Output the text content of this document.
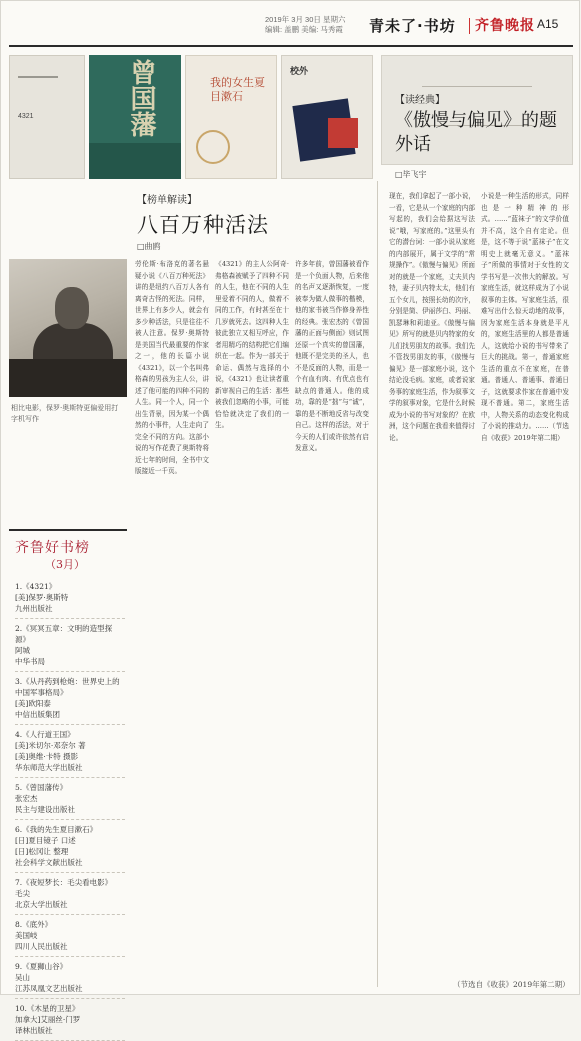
2019年 3月 30日 星期六
编辑: 盖鹏 美编: 马秀霞 青未了·书坊 齐鲁晚报 A15
4321	曾国藩	我的女生夏目漱石
校外
【读经典】
《傲慢与偏见》的题外话
□毕飞宇
【榜单解读】
八百万种活法
□曲鸥
相比电影，保罗·奥斯特更偏爱用打字机写作
齐鲁好书榜
（3月）
1.《4321》
[美]保罗·奥斯特
九州出版社
2.《冥冥五章：文明的造型探源》
阿城
中华书局
3.《从丹药到枪炮：世界史上的中国军事格局》
[美]欧阳泰
中信出版集团
4.《人行道王国》
[美]米切尔·邓奈尔 著
[美]奥维·卡特 摄影
华东师范大学出版社
5.《曾国藩传》
张宏杰
民主与建设出版社
6.《我的先生夏目漱石》
[日]夏目镜子 口述
[日]松冈让 整理
社会科学文献出版社
7.《夜短梦长：毛尖看电影》
毛尖
北京大学出版社
8.《底外》
美国岐
四川人民出版社
9.《夏狮山谷》
吴山
江苏凤凰文艺出版社
10.《木星的卫星》
加拿大]艾丽丝·门罗
译林出版社
劳伦斯·布洛克的著名悬疑小说《八百万种死法》讲的是纽约八百万人各有离奇古怪的死法。同样，世界上有多少人，就会有多少种活法，只是往往不被人注意。保罗·奥斯特是美国当代最重要的作家之一，他的长篇小说《4321》，以一个名叫弗格森的男孩为主人公，讲述了他可能的四种不同的人生。同一个人，同一个出生背景，因为某一个偶然的小事件，人生走向了完全不同的方向。这部小说的写作花费了奥斯特将近七年的时间，全书中文版接近一千页。
《4321》的主人公阿奇·弗格森被赋予了四种不同的人生，他在不同的人生里爱着不同的人，做着不同的工作，有时甚至在十几岁就死去。这四种人生彼此独立又相互呼应，作者用精巧的结构把它们编织在一起。作为一部关于命运、偶然与选择的小说，《4321》也让读者重新审视自己的生活：那些被我们忽略的小事，可能恰恰就决定了我们的一生。
许多年前，曾国藩被看作是一个负面人物，后来他的名声又逐渐恢复，一度被奉为做人做事的楷模，他的家书被当作修身养性的经典。张宏杰的《曾国藩的正面与侧面》则试图还原一个真实的曾国藩，他既不是完美的圣人，也不是反面的人物，而是一个有血有肉、有优点也有缺点的普通人。他的成功，靠的是“拙”与“诚”，靠的是不断地反省与改变自己。这样的活法，对于今天的人们或许依然有启发意义。
现在，我们拿起了一部小说，一看，它是从一个家庭的内部写起的，我们会给据这写法说“哦，写家庭的。”这里头有它的潜台词：一部小说从家庭的内部展开，属于文学的“常规操作”。《傲慢与偏见》所面对的就是一个家庭，丈夫贝内特，妻子贝内特太太，他们有五个女儿，按照长幼的次序，分别是简、伊丽莎白、玛丽、凯瑟琳和莉迪亚。《傲慢与偏见》所写的就是贝内特家的女儿们找男朋友的故事。我们先不管找男朋友的事，《傲慢与偏见》是一部家庭小说，这个结论没毛病。家庭，或者说家务事的家庭生活，作为叙事文学的叙事对象，它是什么时候成为小说的书写对象的？在欧洲，这个问题在我看来值得讨论。
小说是一种生活的形式，同样也是一种精神的形式。……“蓝袜子”的文学价值并不高，这个自有定论。但是，这不等于说“蓝袜子”在文明史上就毫无意义。“蓝袜子”所做的事情对于女性的文学书写是一次伟大的解放。写家庭生活，就这样成为了小说叙事的主体。写家庭生活，很难写出什么惊天动地的故事，因为家庭生活本身就是平凡的，家庭生活里的人都是普通人，这就给小说的书写带来了巨大的挑战。第一，普通家庭生活的重点不在家庭，在普通。普通人、普通事、普通日子，这就要求作家在普通中发现不普通。第二，家庭生活中，人物关系的动态变化构成了小说的推动力。……（节选自《收获》2019年第二期）
（节选自《收获》2019年第二期）
